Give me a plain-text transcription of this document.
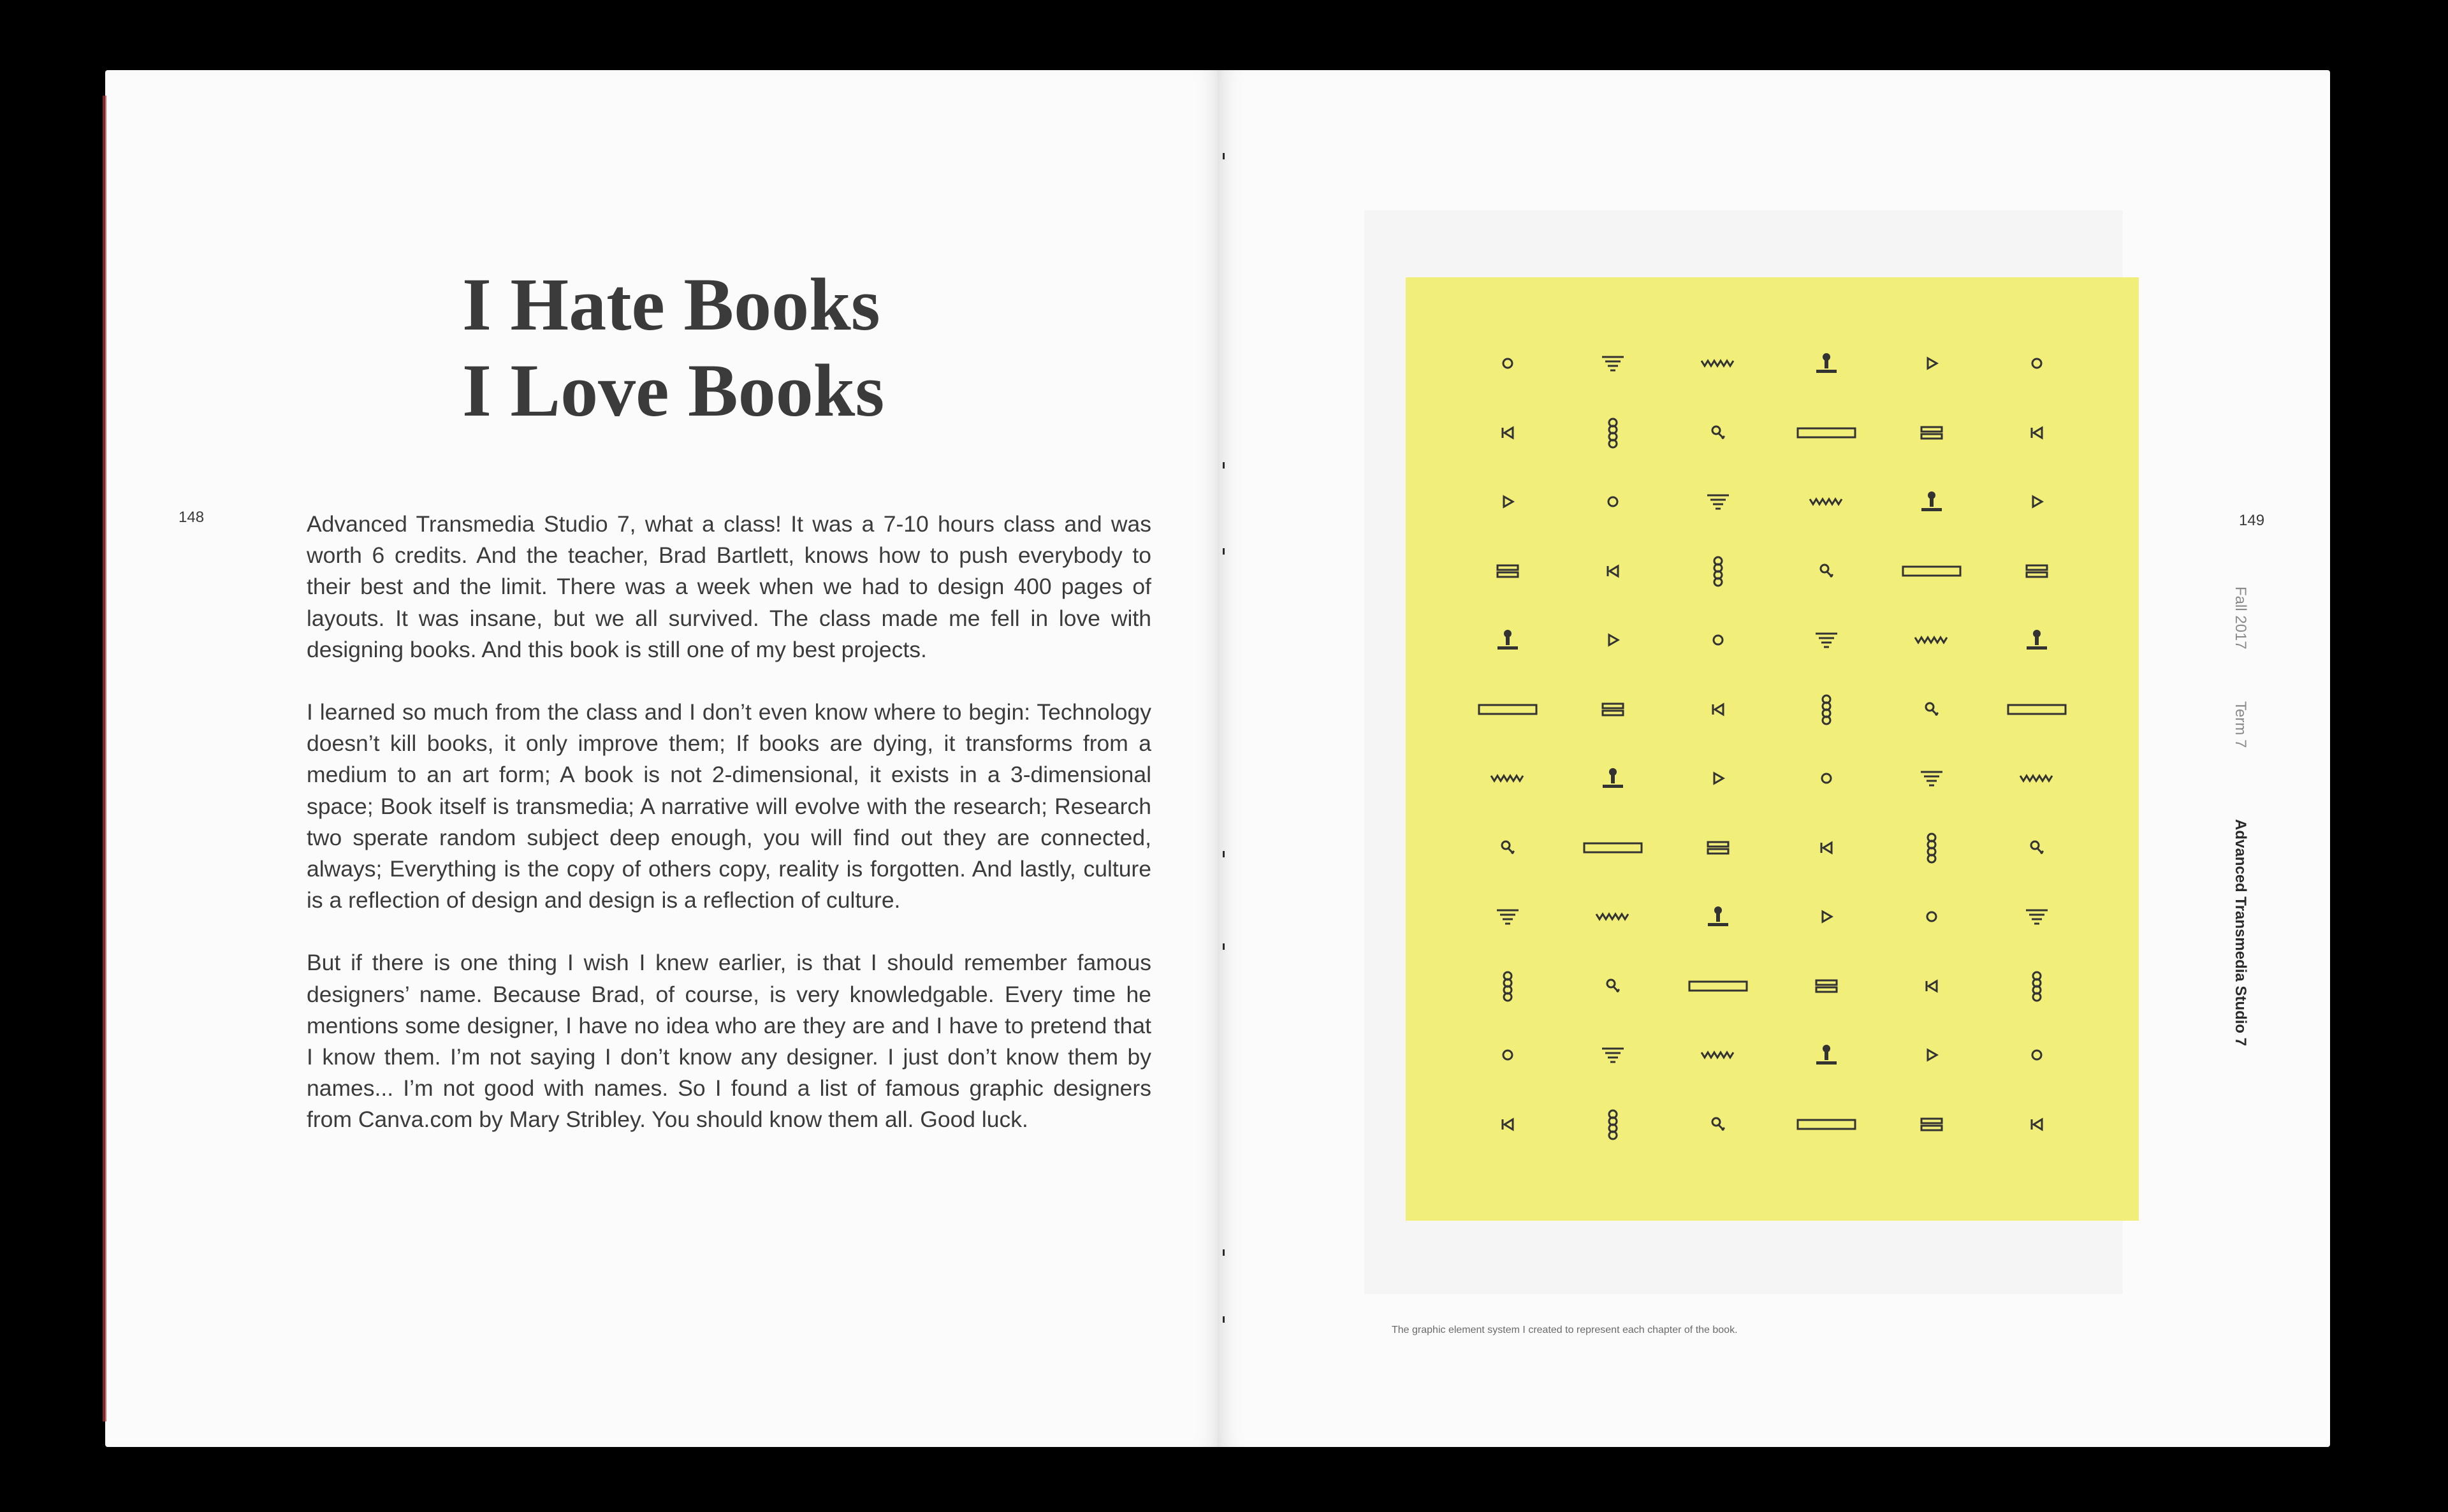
I Hate Books
I Love Books
148	Advanced Transmedia Studio 7, what a class! It was a 7-10 hours class and was worth 6 credits. And the teacher, Brad Bartlett, knows how to push everybody to their best and the limit. There was a week when we had to design 400 pages of layouts. It was insane, but we all survived. The class made me fell in love with designing books. And this book is still one of my best projects.

I learned so much from the class and I don’t even know where to begin: Technology doesn’t kill books, it only improve them; If books are dying, it transforms from a medium to an art form; A book is not 2-dimensional, it exists in a 3-dimensional space; Book itself is transmedia; A narrative will evolve with the research; Research two sperate random subject deep enough, you will find out they are connected, always; Everything is the copy of others copy, reality is forgotten. And lastly, culture is a reflection of design and design is a reflection of culture.

But if there is one thing I wish I knew earlier, is that I should remember famous designers’ name. Because Brad, of course, is very knowledgable. Every time he mentions some designer, I have no idea who are they are and I have to pretend that I know them. I’m not saying I don’t know any designer. I just don’t know them by names... I’m not good with names. So I found a list of famous graphic designers from Canva.com by Mary Stribley. You should know them all. Good luck.

The graphic element system I created to represent each chapter of the book.
149
Fall 2017
Term 7
Advanced Transmedia Studio 7
